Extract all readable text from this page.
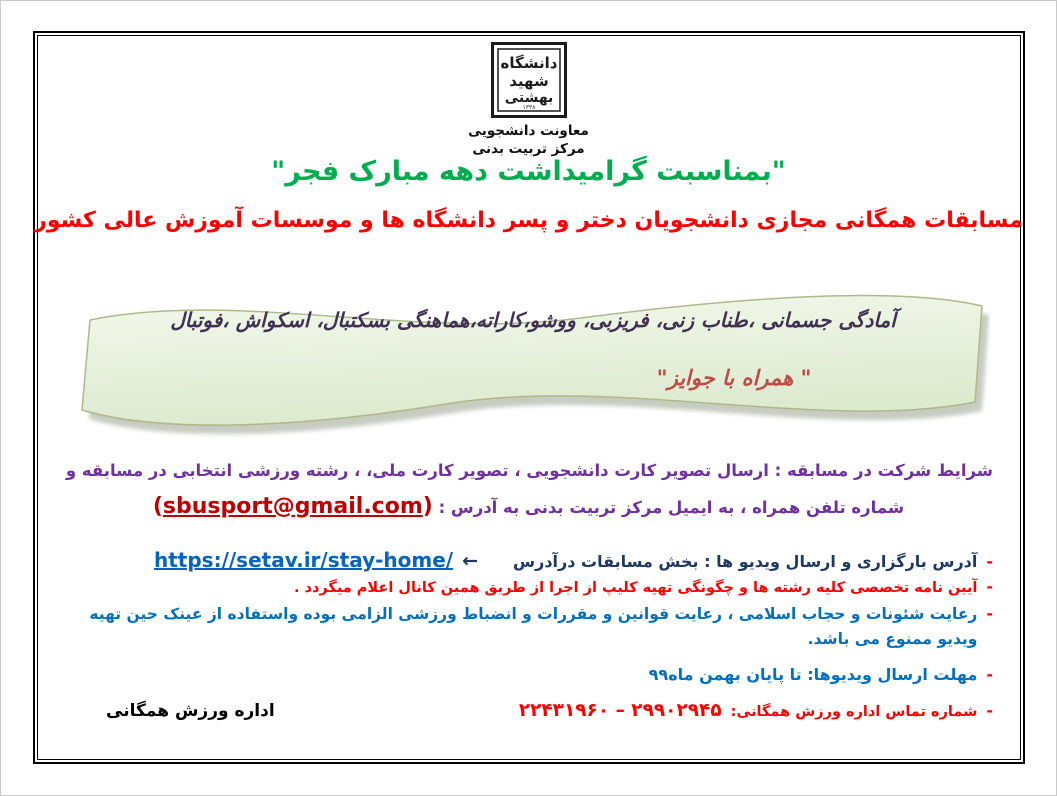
دانشگاه
شهید
بهشتی
۱۳۳۸
معاونت دانشجویی
مرکز تربیت بدنی
"بمناسبت گرامیداشت دهه مبارک فجر"
مسابقات همگانی مجازی دانشجویان دختر و پسر دانشگاه ها و موسسات آموزش عالی کشور
آمادگی جسمانی ،طناب زنی، فریزبی، ووشو،کاراته،هماهنگی بسکتبال، اسکواش ،فوتبال
" همراه با جوایز"
شرایط شرکت در مسابقه : ارسال تصویر کارت دانشجویی ، تصویر کارت ملی، ، رشته ورزشی انتخابی در مسابقه و
شماره تلفن همراه ، به ایمیل مرکز تربیت بدنی به آدرس : (sbusport@gmail.com)
-
آدرس بارگزاری و ارسال ویدیو ها : بخش مسابقات درآدرس
←
https://setav.ir/stay-home/
-
آیین نامه تخصصی کلیه رشته ها و چگونگی تهیه کلیپ از اجرا از طریق همین کانال اعلام میگردد .
-
رعایت شئونات و حجاب اسلامی ، رعایت قوانین و مقررات و انضباط ورزشی الزامی بوده واستفاده از عینک حین تهیه ویدیو ممنوع می باشد.
-
مهلت ارسال ویدیوها: تا پایان بهمن ماه۹۹
-
شماره تماس اداره ورزش همگانی:
۲۹۹۰۲۹۴۵ – ۲۲۴۳۱۹۶۰
اداره ورزش همگانی
